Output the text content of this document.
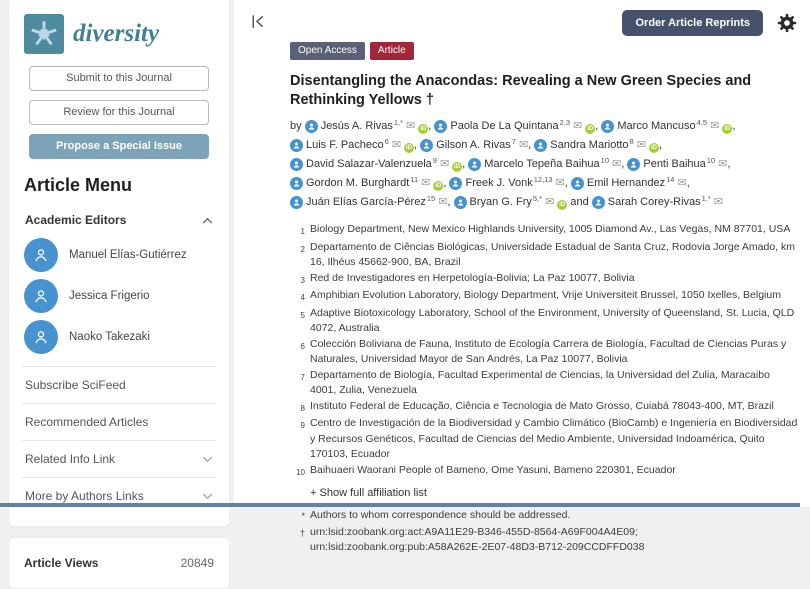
diversity
Submit to this Journal
Review for this Journal
Propose a Special Issue
Article Menu
Academic Editors
Manuel Elías-Gutiérrez
Jessica Frigerio
Naoko Takezaki
Subscribe SciFeed
Recommended Articles
Related Info Link
More by Authors Links
Article Views	20849
Order Article Reprints
Open Access	Article
Disentangling the Anacondas: Revealing a New Green Species and Rethinking Yellows †

by Jesús A. Rivas$^{1,*}$ ✉ iD , Paola De La Quintana$^{2,3}$ ✉ iD , Marco Mancuso$^{4,5}$ ✉ iD ,
Luis F. Pacheco$^6$ ✉ iD , Gilson A. Rivas$^7$ ✉, Sandra Mariotto$^8$ ✉ iD ,
David Salazar-Valenzuela$^9$ ✉ iD , Marcelo Tepeña Baihua$^{10}$ ✉, Penti Baihua$^{10}$ ✉,
Gordon M. Burghardt$^{11}$ ✉ iD , Freek J. Vonk$^{12,13}$ ✉, Emil Hernandez$^{14}$ ✉,
Juán Elías García-Pérez$^{15}$ ✉, Bryan G. Fry$^{5,*}$ ✉ iD and
Sarah Corey-Rivas$^{1,*}$ ✉

1 Biology Department, New Mexico Highlands University, 1005 Diamond Av., Las Vegas, NM 87701, USA
2 Departamento de Ciências Biológicas, Universidade Estadual de Santa Cruz, Rodovia Jorge Amado, km 16, Ilhéus 45662-900, BA, Brazil
3 Red de Investigadores en Herpetología-Bolivia; La Paz 10077, Bolivia
4 Amphibian Evolution Laboratory, Biology Department, Vrije Universiteit Brussel, 1050 Ixelles, Belgium
5 Adaptive Biotoxicology Laboratory, School of the Environment, University of Queensland, St. Lucia, QLD 4072, Australia
6 Colección Boliviana de Fauna, Instituto de Ecología Carrera de Biología, Facultad de Ciencias Puras y Naturales, Universidad Mayor de San Andrés, La Paz 10077, Bolivia
7 Departamento de Biología, Facultad Experimental de Ciencias, la Universidad del Zulia, Maracaibo 4001, Zulia, Venezuela
8 Instituto Federal de Educação, Ciência e Tecnologia de Mato Grosso, Cuiabá 78043-400, MT, Brazil
9 Centro de Investigación de la Biodiversidad y Cambio Climático (BioCamb) e Ingeniería en Biodiversidad y Recursos Genéticos, Facultad de Ciencias del Medio Ambiente, Universidad Indoamérica, Quito 170103, Ecuador
10 Baihuaeri Waorani People of Bameno, Ome Yasuni, Bameno 220301, Ecuador
+ Show full affiliation list
* Authors to whom correspondence should be addressed.
† urn:lsid:zoobank.org:act:A9A11E29-B346-455D-8564-A69F004A4E09; urn:lsid:zoobank.org:pub:A58A262E-2E07-48D3-B712-209CCDFFD038
